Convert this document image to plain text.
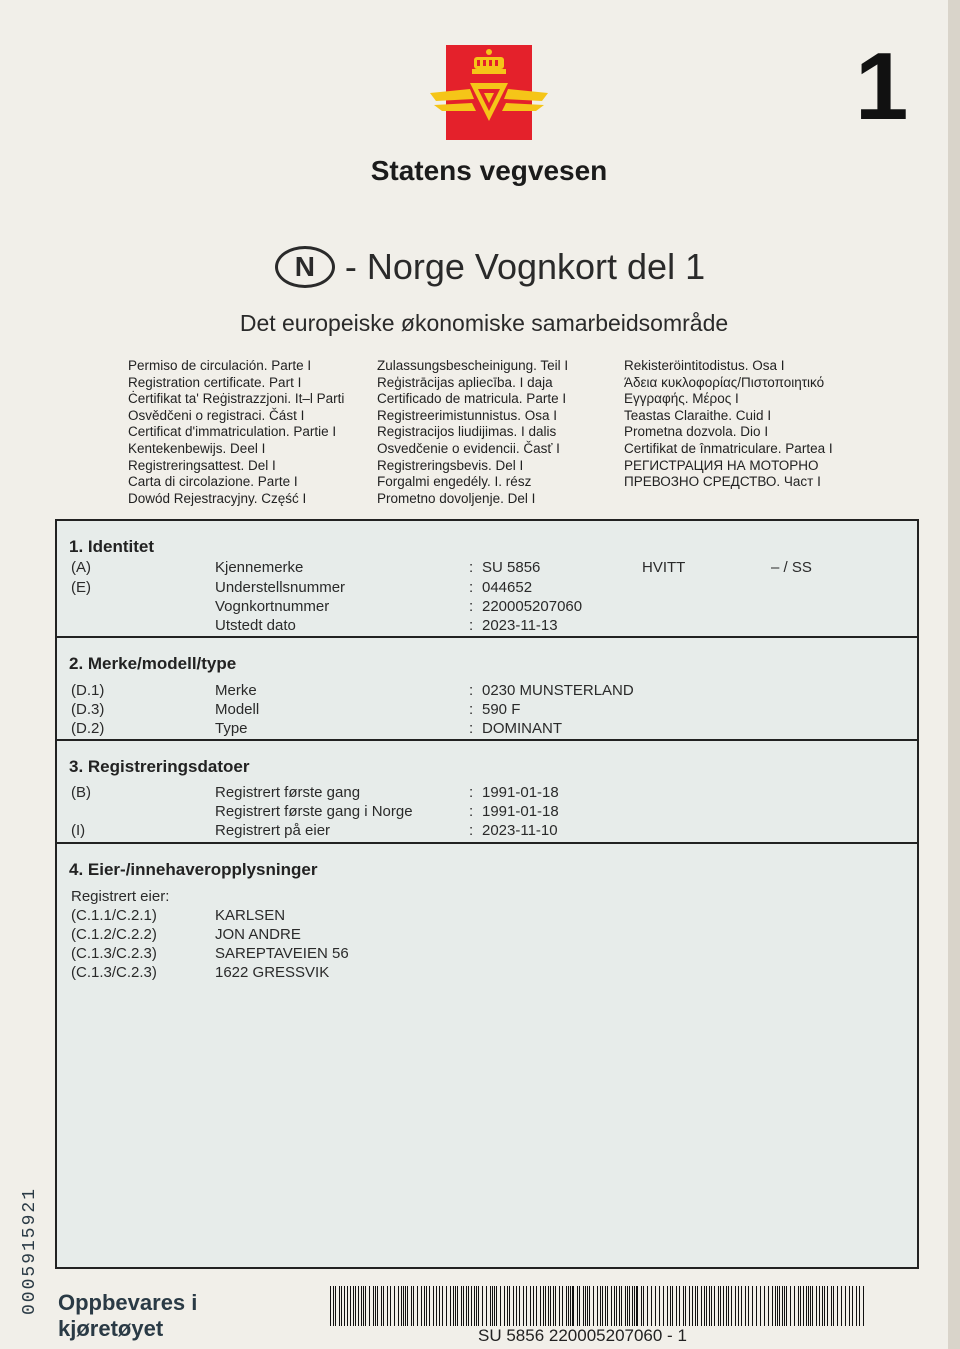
Statens vegvesen
1
N - Norge Vognkort del 1
Det europeiske økonomiske samarbeidsområde
Permiso de circulación. Parte I
Registration certificate. Part I
Ċertifikat ta' Reġistrazzjoni. It–l Parti
Osvědčeni o registraci. Část I
Certificat d'immatriculation. Partie I
Kentekenbewijs. Deel I
Registreringsattest. Del I
Carta di circolazione. Parte I
Dowód Rejestracyjny. Część I
Zulassungsbescheinigung. Teil I
Reģistrācijas apliecība. I daja
Certificado de matricula. Parte I
Registreerimistunnistus. Osa I
Registracijos liudijimas. I dalis
Osvedčenie o evidencii. Časť I
Registreringsbevis. Del I
Forgalmi engedély. I. rész
Prometno dovoljenje. Del I
Rekisteröintitodistus. Osa I
Άδεια κυκλοφορίας/Πιστοποιητικό
Εγγραφής. Μέρος I
Teastas Claraithe. Cuid I
Prometna dozvola. Dio I
Certifikat de înmatriculare. Partea I
РЕГИСТРАЦИЯ НА МОТОРНО
ПРЕВОЗНО СРЕДСТВО. Част I
1. Identitet
(A)	Kjennemerke	: SU 5856	HVITT	– / SS
(E)	Understellsnummer	: 044652
Vognkortnummer	: 220005207060
Utstedt dato	: 2023-11-13
2. Merke/modell/type
(D.1)	Merke	: 0230 MUNSTERLAND
(D.3)	Modell	: 590 F
(D.2)	Type	: DOMINANT
3. Registreringsdatoer
(B)	Registrert første gang	: 1991-01-18
Registrert første gang i Norge	: 1991-01-18
(I)	Registrert på eier	: 2023-11-10
4. Eier-/innehaveropplysninger
Registrert eier:
(C.1.1/C.2.1)	KARLSEN
(C.1.2/C.2.2)	JON ANDRE
(C.1.3/C.2.3)	SAREPTAVEIEN 56
(C.1.3/C.2.3)	1622 GRESSVIK
0005915921 Oppbevares i
kjøretøyet	SU 5856 220005207060 - 1
